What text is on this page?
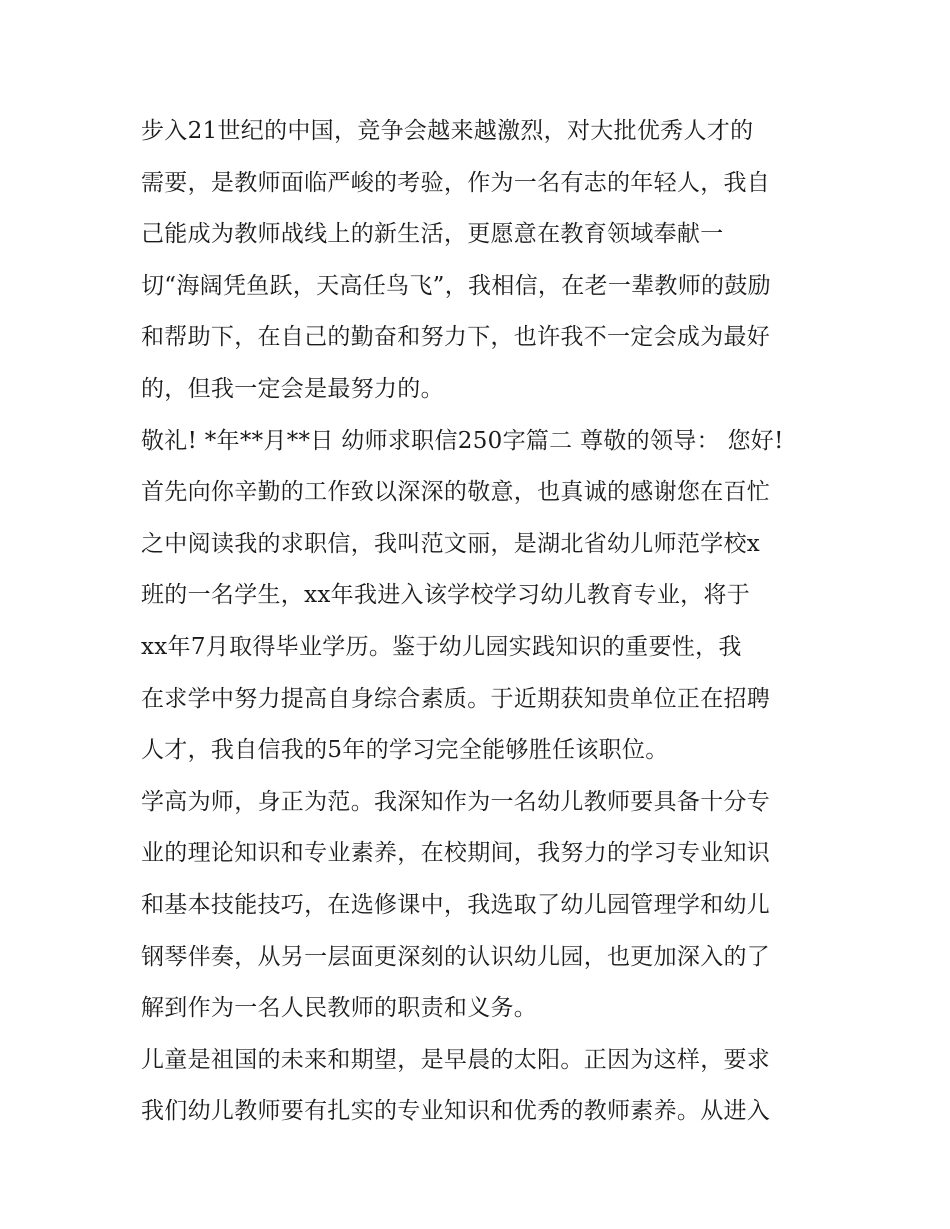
步入21世纪的中国，竞争会越来越激烈，对大批优秀人才的
需要，是教师面临严峻的考验，作为一名有志的年轻人，我自
己能成为教师战线上的新生活，更愿意在教育领域奉献一
切“海阔凭鱼跃，天高任鸟飞”，我相信，在老一辈教师的鼓励
和帮助下，在自己的勤奋和努力下，也许我不一定会成为最好
的，但我一定会是最努力的。
敬礼! *年**月**日 幼师求职信250字篇二 尊敬的领导： 您好!
首先向你辛勤的工作致以深深的敬意，也真诚的感谢您在百忙
之中阅读我的求职信，我叫范文丽，是湖北省幼儿师范学校x
班的一名学生，xx年我进入该学校学习幼儿教育专业，将于
xx年7月取得毕业学历。鉴于幼儿园实践知识的重要性，我
在求学中努力提高自身综合素质。于近期获知贵单位正在招聘
人才，我自信我的5年的学习完全能够胜任该职位。
学高为师，身正为范。我深知作为一名幼儿教师要具备十分专
业的理论知识和专业素养，在校期间，我努力的学习专业知识
和基本技能技巧，在选修课中，我选取了幼儿园管理学和幼儿
钢琴伴奏，从另一层面更深刻的认识幼儿园，也更加深入的了
解到作为一名人民教师的职责和义务。
儿童是祖国的未来和期望，是早晨的太阳。正因为这样，要求
我们幼儿教师要有扎实的专业知识和优秀的教师素养。从进入
